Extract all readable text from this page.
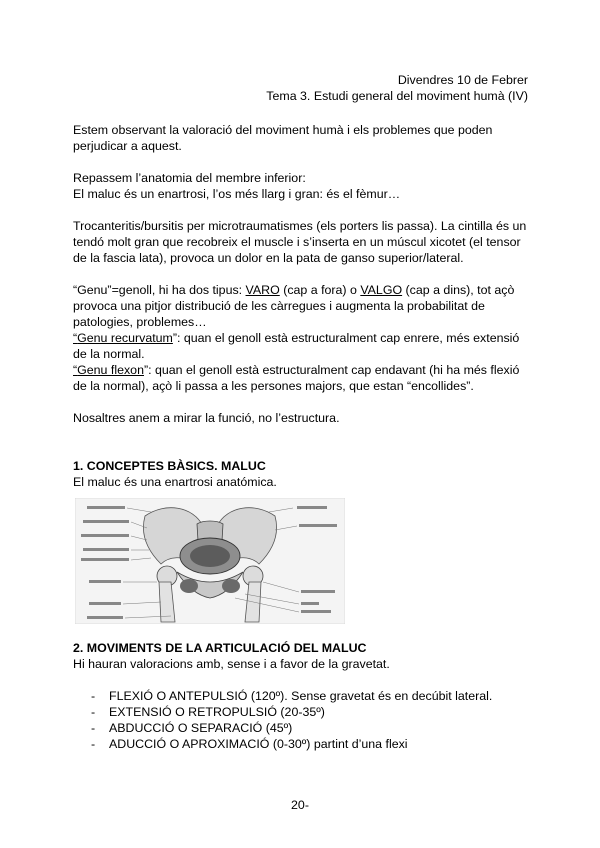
Divendres 10 de Febrer
Tema 3. Estudi general del moviment humà (IV)

Estem observant la valoració del moviment humà i els problemes que poden perjudicar a aquest.

Repassem l’anatomia del membre inferior:

El maluc és un enartrosi, l’os més llarg i gran: és el fèmur…

Trocanteritis/bursitis per microtraumatismes (els porters lis passa). La cintilla és un tendó molt gran que recobreix el muscle i s’inserta en un múscul xicotet (el tensor de la fascia lata), provoca un dolor en la pata de ganso superior/lateral.

“Genu”=genoll, hi ha dos tipus: VARO (cap a fora) o VALGO (cap a dins), tot açò provoca una pitjor distribució de les càrregues i augmenta la probabilitat de patologies, problemes…

“Genu recurvatum”: quan el genoll està estructuralment cap enrere, més extensió de la normal.

“Genu flexon”: quan el genoll està estructuralment cap endavant (hi ha més flexió de la normal), açò li passa a les persones majors, que estan “encollides”.

Nosaltres anem a mirar la funció, no l’estructura.

1. CONCEPTES BÀSICS. MALUC

El maluc és una enartrosi anatómica.

2. MOVIMENTS DE LA ARTICULACIÓ DEL MALUC

Hi hauran valoracions amb, sense i a favor de la gravetat.

- FLEXIÓ O ANTEPULSIÓ (120º). Sense gravetat és en decúbit lateral.
- EXTENSIÓ O RETROPULSIÓ (20-35º)
- ABDUCCIÓ O SEPARACIÓ (45º)
- ADUCCIÓ O APROXIMACIÓ (0-30º) partint d’una flexi
20-
